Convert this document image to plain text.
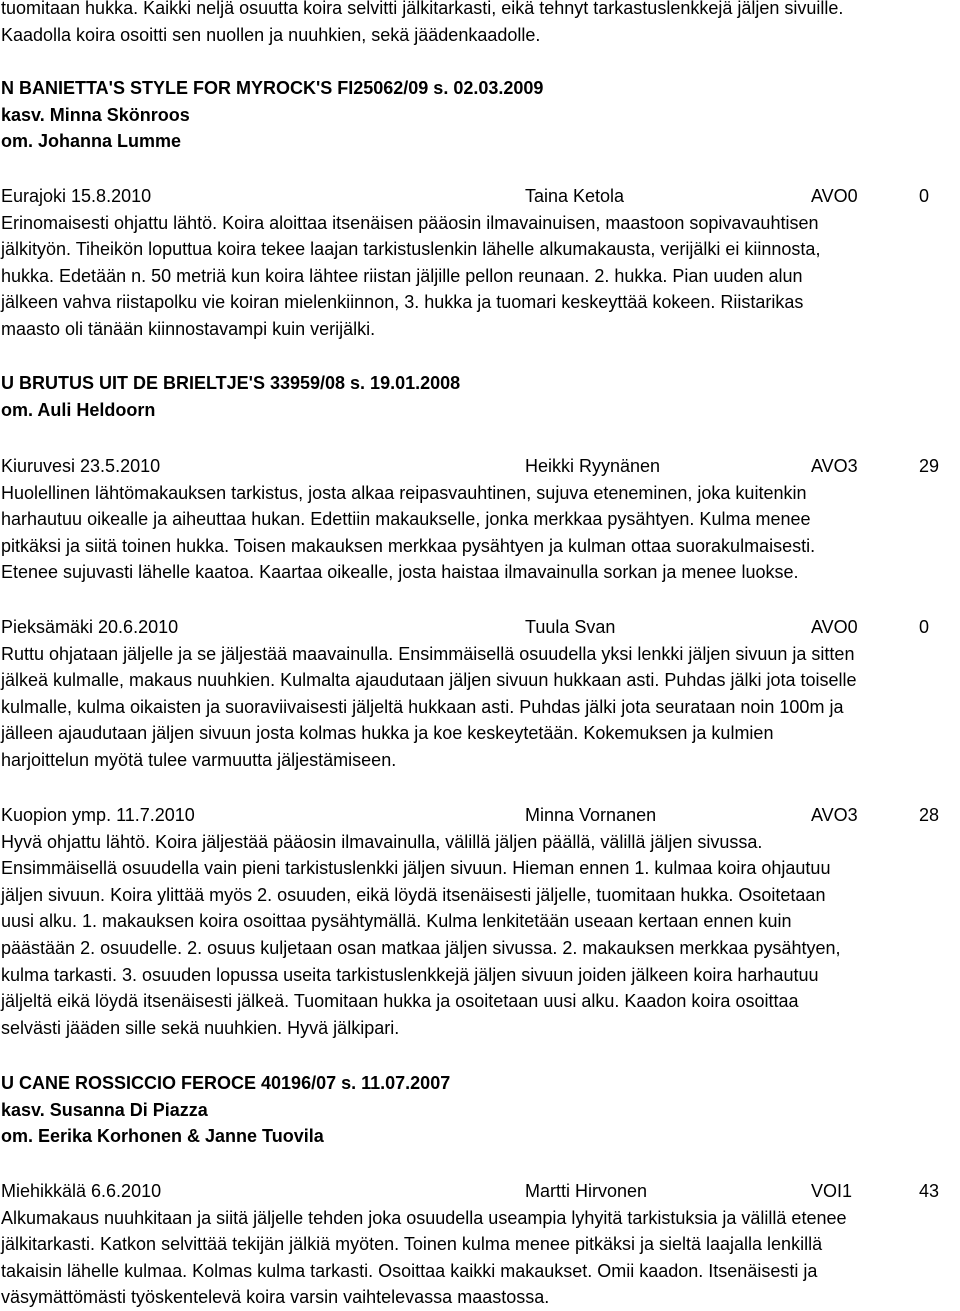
tuomitaan hukka. Kaikki neljä osuutta koira selvitti jälkitarkasti, eikä tehnyt tarkastuslenkkejä jäljen sivuille.
Kaadolla koira osoitti sen nuollen ja nuuhkien, sekä jäädenkaadolle.
N BANIETTA'S STYLE FOR MYROCK'S FI25062/09 s. 02.03.2009
kasv. Minna Skönroos
om. Johanna Lumme
Eurajoki 15.8.2010	Taina Ketola	AVO0	0
Erinomaisesti ohjattu lähtö. Koira aloittaa itsenäisen pääosin ilmavainuisen, maastoon sopivavauhtisen
jälkityön. Tiheikön loputtua koira tekee laajan tarkistuslenkin lähelle alkumakausta, verijälki ei kiinnosta,
hukka. Edetään n. 50 metriä kun koira lähtee riistan jäljille pellon reunaan. 2. hukka. Pian uuden alun
jälkeen vahva riistapolku vie koiran mielenkiinnon, 3. hukka ja tuomari keskeyttää kokeen. Riistarikas
maasto oli tänään kiinnostavampi kuin verijälki.
U BRUTUS UIT DE BRIELTJE'S 33959/08 s. 19.01.2008
om. Auli Heldoorn
Kiuruvesi 23.5.2010	Heikki Ryynänen	AVO3	29
Huolellinen lähtömakauksen tarkistus, josta alkaa reipasvauhtinen, sujuva eteneminen, joka kuitenkin
harhautuu oikealle ja aiheuttaa hukan. Edettiin makaukselle, jonka merkkaa pysähtyen. Kulma menee
pitkäksi ja siitä toinen hukka. Toisen makauksen merkkaa pysähtyen ja kulman ottaa suorakulmaisesti.
Etenee sujuvasti lähelle kaatoa. Kaartaa oikealle, josta haistaa ilmavainulla sorkan ja menee luokse.
Pieksämäki 20.6.2010	Tuula Svan	AVO0	0
Ruttu ohjataan jäljelle ja se jäljestää maavainulla. Ensimmäisellä osuudella yksi lenkki jäljen sivuun ja sitten
jälkeä kulmalle, makaus nuuhkien. Kulmalta ajaudutaan jäljen sivuun hukkaan asti. Puhdas jälki jota toiselle
kulmalle, kulma oikaisten ja suoraviivaisesti jäljeltä hukkaan asti. Puhdas jälki jota seurataan noin 100m ja
jälleen ajaudutaan jäljen sivuun josta kolmas hukka ja koe keskeytetään. Kokemuksen ja kulmien
harjoittelun myötä tulee varmuutta jäljestämiseen.
Kuopion ymp. 11.7.2010	Minna Vornanen	AVO3	28
Hyvä ohjattu lähtö. Koira jäljestää pääosin ilmavainulla, välillä jäljen päällä, välillä jäljen sivussa.
Ensimmäisellä osuudella vain pieni tarkistuslenkki jäljen sivuun. Hieman ennen 1. kulmaa koira ohjautuu
jäljen sivuun. Koira ylittää myös 2. osuuden, eikä löydä itsenäisesti jäljelle, tuomitaan hukka. Osoitetaan
uusi alku. 1. makauksen koira osoittaa pysähtymällä. Kulma lenkitetään useaan kertaan ennen kuin
päästään 2. osuudelle. 2. osuus kuljetaan osan matkaa jäljen sivussa. 2. makauksen merkkaa pysähtyen,
kulma tarkasti. 3. osuuden lopussa useita tarkistuslenkkejä jäljen sivuun joiden jälkeen koira harhautuu
jäljeltä eikä löydä itsenäisesti jälkeä. Tuomitaan hukka ja osoitetaan uusi alku. Kaadon koira osoittaa
selvästi jääden sille sekä nuuhkien. Hyvä jälkipari.
U CANE ROSSICCIO FEROCE 40196/07 s. 11.07.2007
kasv. Susanna Di Piazza
om. Eerika Korhonen & Janne Tuovila
Miehikkälä 6.6.2010	Martti Hirvonen	VOI1	43
Alkumakaus nuuhkitaan ja siitä jäljelle tehden joka osuudella useampia lyhyitä tarkistuksia ja välillä etenee
jälkitarkasti. Katkon selvittää tekijän jälkiä myöten. Toinen kulma menee pitkäksi ja sieltä laajalla lenkillä
takaisin lähelle kulmaa. Kolmas kulma tarkasti. Osoittaa kaikki makaukset. Omii kaadon. Itsenäisesti ja
väsymättömästi työskentelevä koira varsin vaihtelevassa maastossa.
